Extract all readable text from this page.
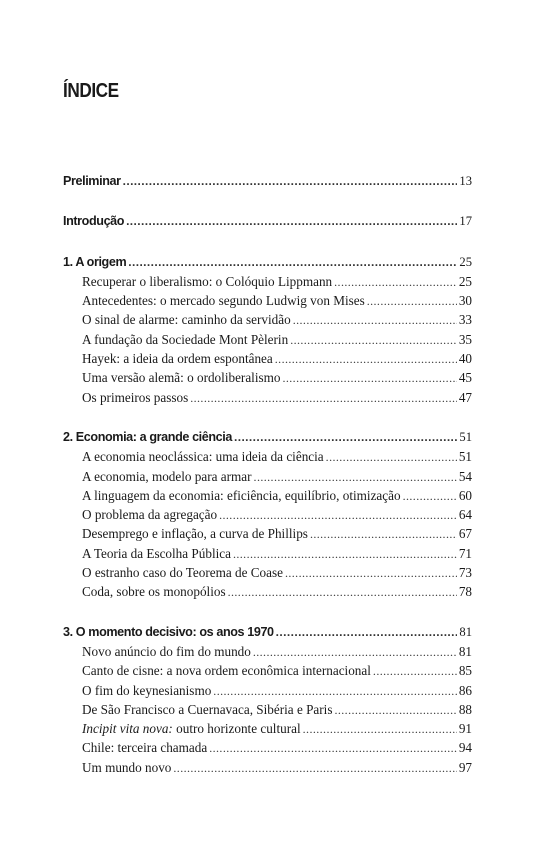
ÍNDICE
Preliminar .....	13
Introdução .....	17
1. A origem .....	25
Recuperar o liberalismo: o Colóquio Lippmann .....	25
Antecedentes: o mercado segundo Ludwig von Mises .....	30
O sinal de alarme: caminho da servidão .....	33
A fundação da Sociedade Mont Pèlerin .....	35
Hayek: a ideia da ordem espontânea .....	40
Uma versão alemã: o ordoliberalismo .....	45
Os primeiros passos .....	47
2. Economia: a grande ciência .....	51
A economia neoclássica: uma ideia da ciência .....	51
A economia, modelo para armar .....	54
A linguagem da economia: eficiência, equilíbrio, otimização .....	60
O problema da agregação .....	64
Desemprego e inflação, a curva de Phillips .....	67
A Teoria da Escolha Pública .....	71
O estranho caso do Teorema de Coase .....	73
Coda, sobre os monopólios .....	78
3. O momento decisivo: os anos 1970 .....	81
Novo anúncio do fim do mundo .....	81
Canto de cisne: a nova ordem econômica internacional .....	85
O fim do keynesianismo .....	86
De São Francisco a Cuernavaca, Sibéria e Paris .....	88
Incipit vita nova: outro horizonte cultural .....	91
Chile: terceira chamada .....	94
Um mundo novo .....	97
